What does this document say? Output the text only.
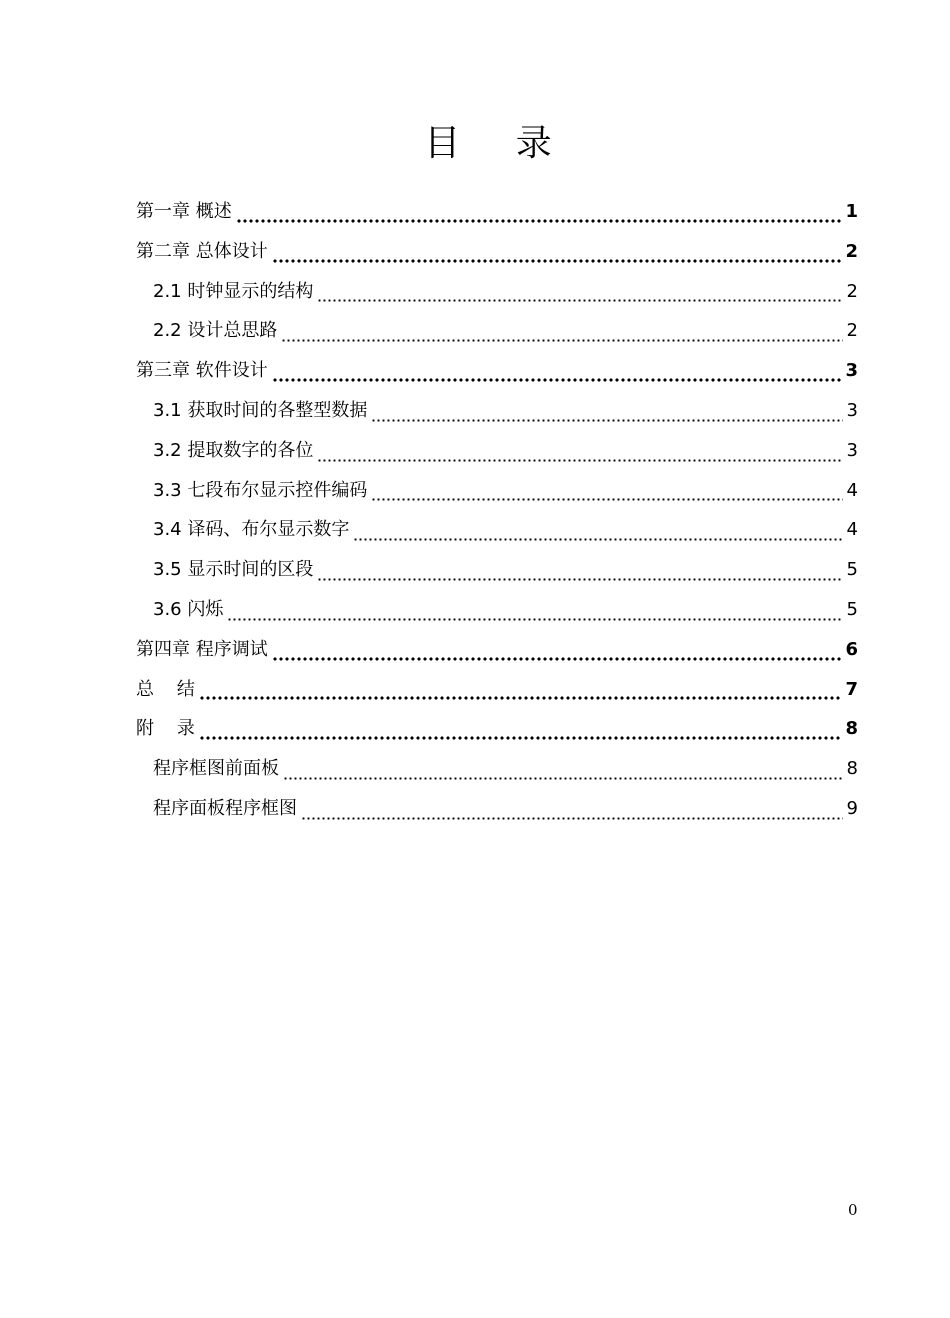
目 录
第一章 概述	1
第二章 总体设计	2
2.1 时钟显示的结构	2
2.2 设计总思路	2
第三章 软件设计	3
3.1 获取时间的各整型数据	3
3.2 提取数字的各位	3
3.3 七段布尔显示控件编码	4
3.4 译码、布尔显示数字	4
3.5 显示时间的区段	5
3.6 闪烁	5
第四章 程序调试	6
总    结	7
附    录	8
程序框图前面板	8
程序面板程序框图	9
0
